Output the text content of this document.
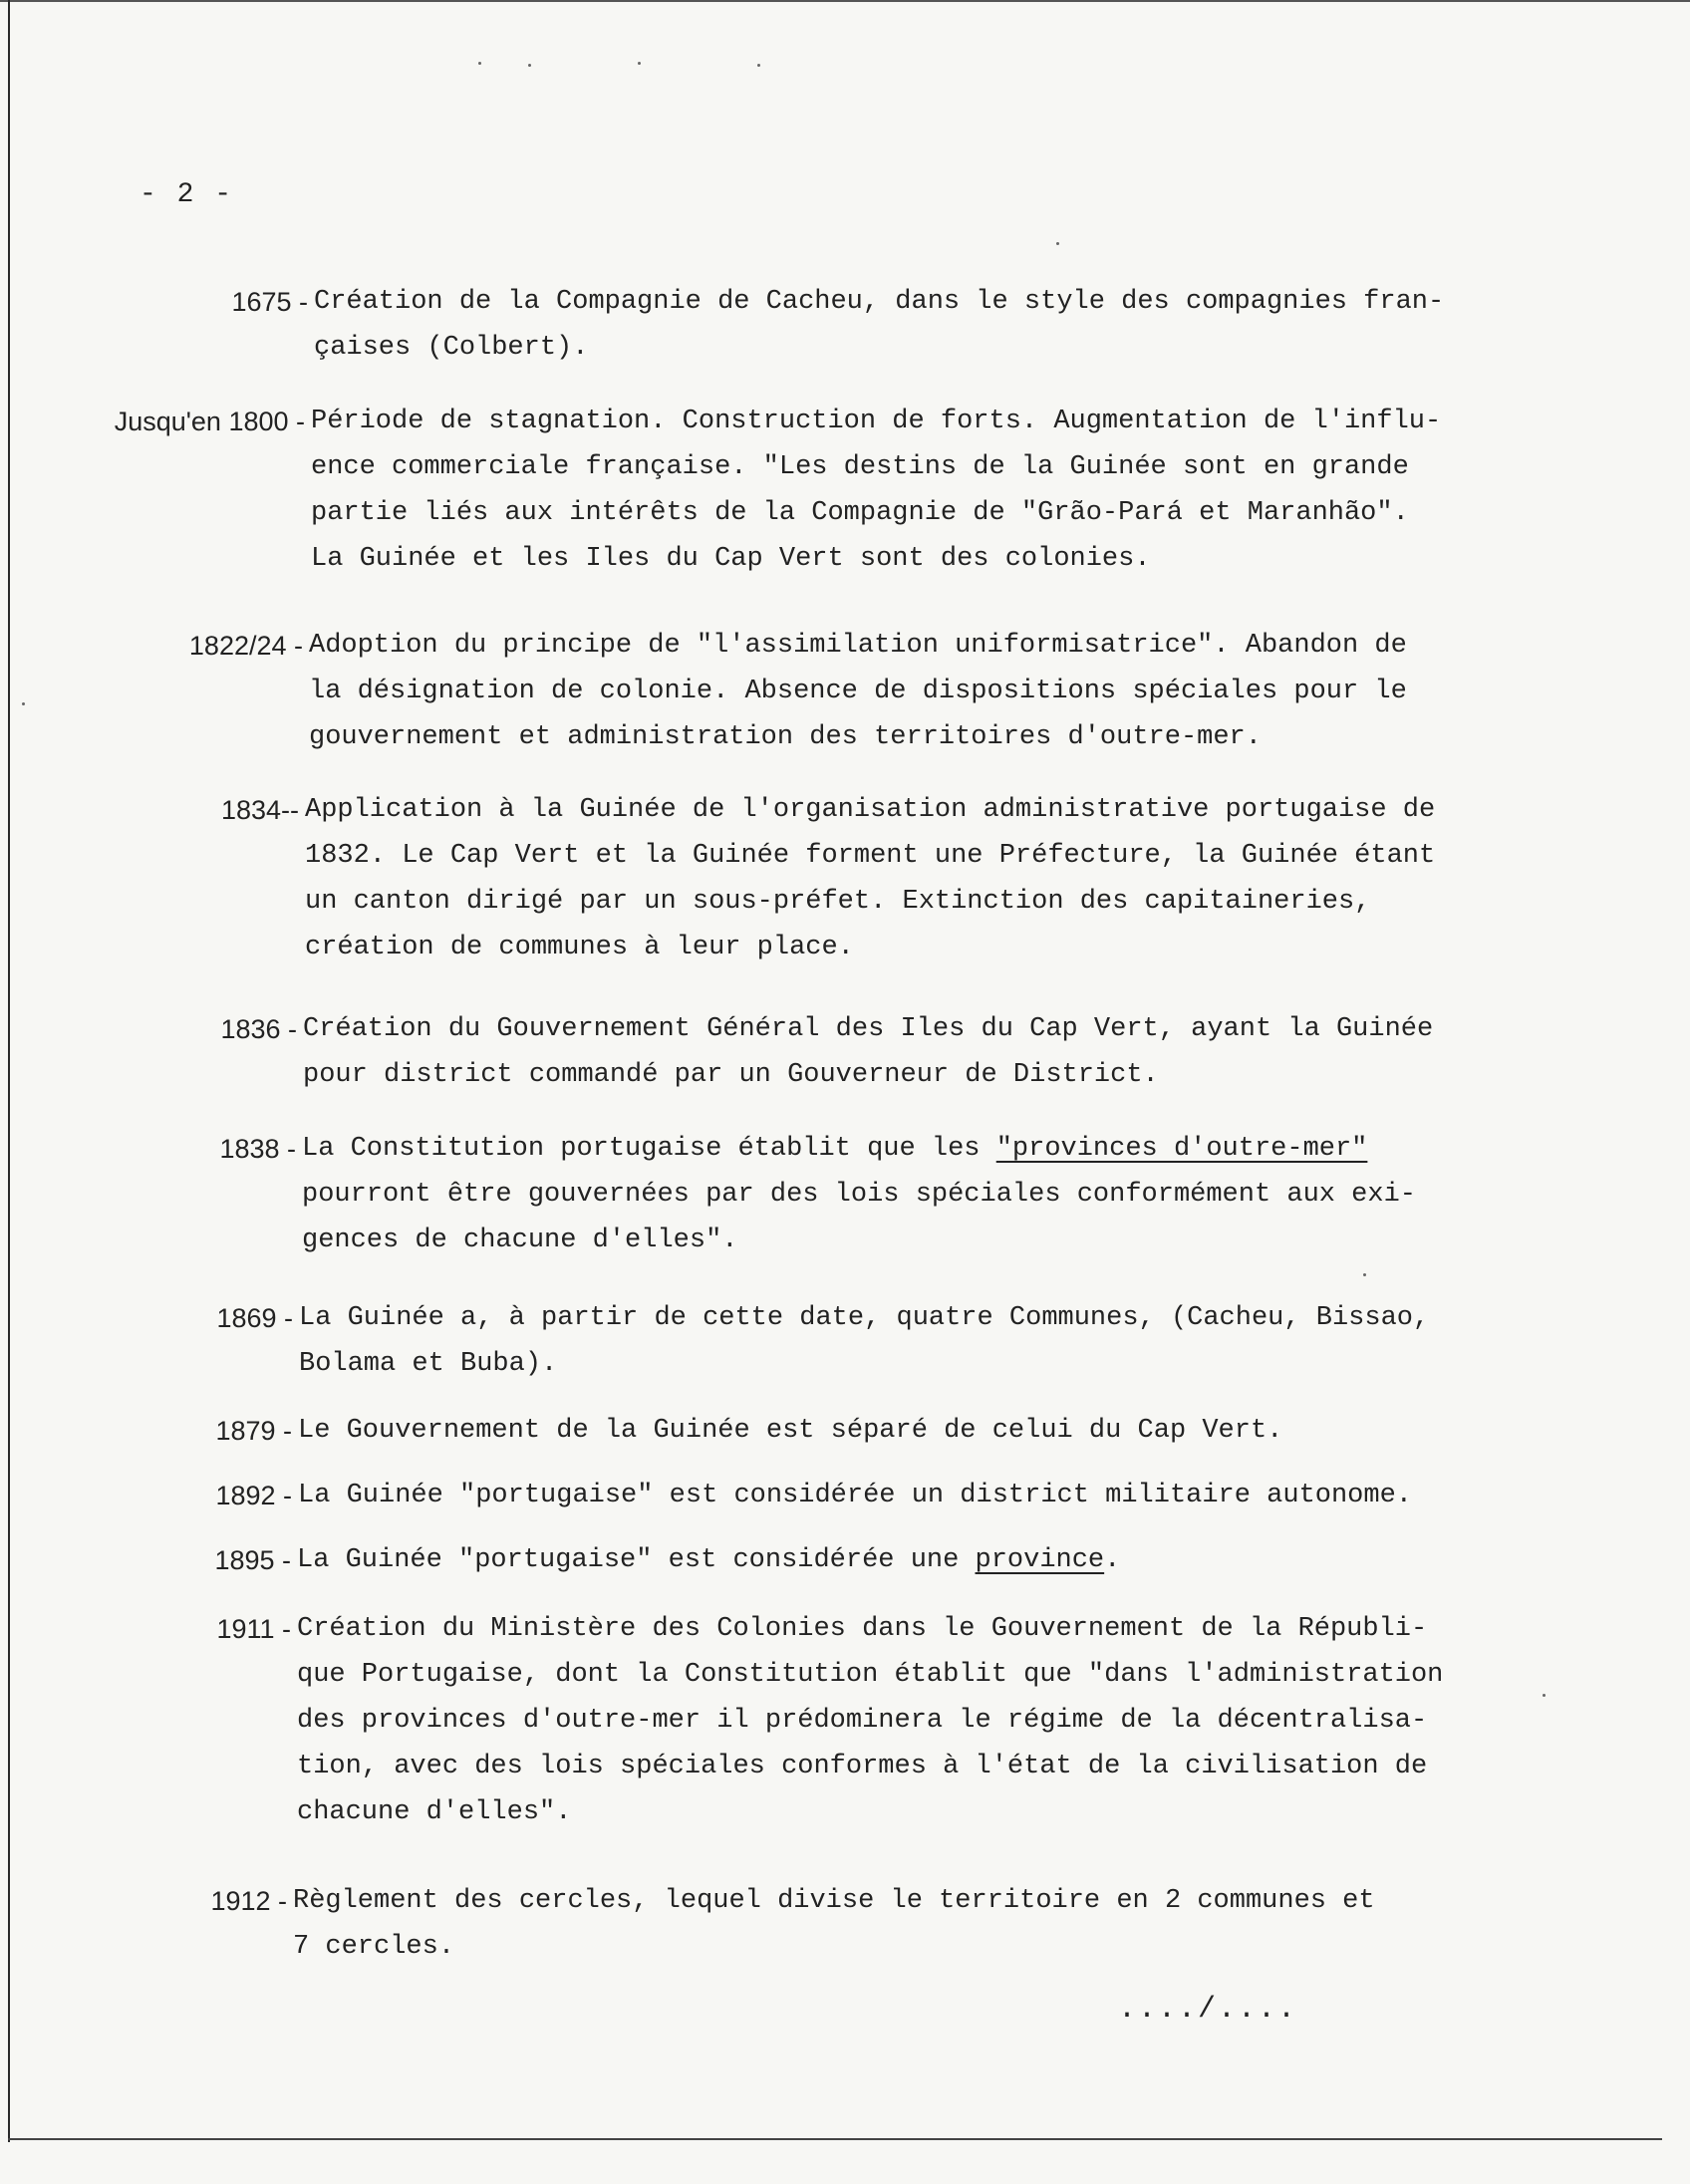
- 2 -
1675 - Création de la Compagnie de Cacheu, dans le style des compagnies fran-
çaises (Colbert).
Jusqu'en 1800 - Période de stagnation. Construction de forts. Augmentation de l'influ-
ence commerciale française. "Les destins de la Guinée sont en grande
partie liés aux intérêts de la Compagnie de "Grão-Pará et Maranhão".
La Guinée et les Iles du Cap Vert sont des colonies.
1822/24 - Adoption du principe de "l'assimilation uniformisatrice". Abandon de
la désignation de colonie. Absence de dispositions spéciales pour le
gouvernement et administration des territoires d'outre-mer.
1834-- Application à la Guinée de l'organisation administrative portugaise de
1832. Le Cap Vert et la Guinée forment une Préfecture, la Guinée étant
un canton dirigé par un sous-préfet. Extinction des capitaineries,
création de communes à leur place.
1836 - Création du Gouvernement Général des Iles du Cap Vert, ayant la Guinée
pour district commandé par un Gouverneur de District.
1838 - La Constitution portugaise établit que les "provinces d'outre-mer"
pourront être gouvernées par des lois spéciales conformément aux exi-
gences de chacune d'elles".
1869 - La Guinée a, à partir de cette date, quatre Communes, (Cacheu, Bissao,
Bolama et Buba).
1879 - Le Gouvernement de la Guinée est séparé de celui du Cap Vert.
1892 - La Guinée "portugaise" est considérée un district militaire autonome.
1895 - La Guinée "portugaise" est considérée une province.
1911 - Création du Ministère des Colonies dans le Gouvernement de la Républi-
que Portugaise, dont la Constitution établit que "dans l'administration
des provinces d'outre-mer il prédominera le régime de la décentralisa-
tion, avec des lois spéciales conformes à l'état de la civilisation de
chacune d'elles".
1912 - Règlement des cercles, lequel divise le territoire en 2 communes et
7 cercles.
..../....
